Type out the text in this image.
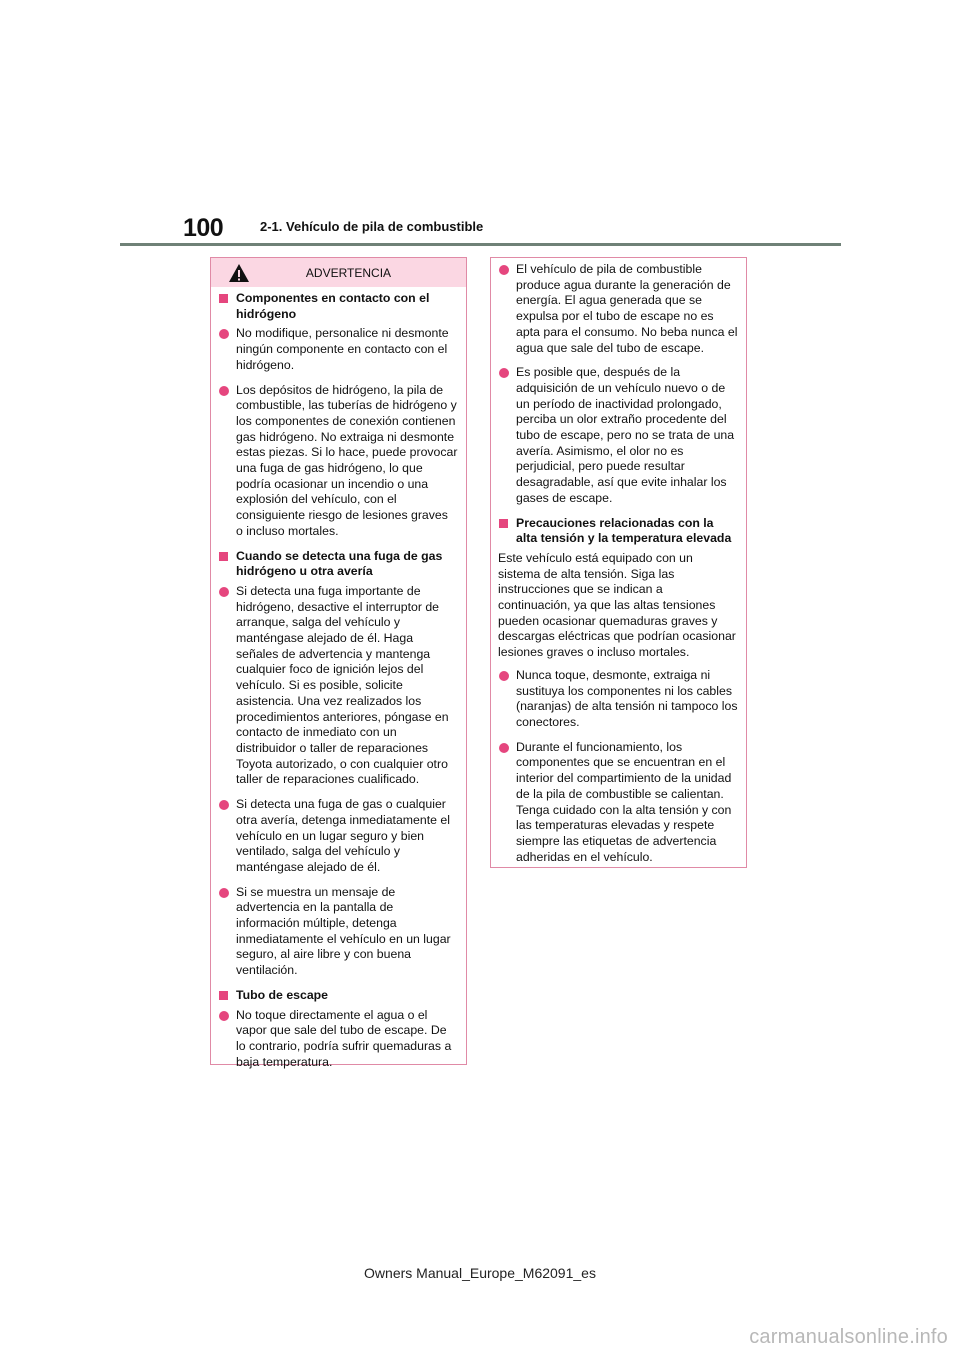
100	2-1. Vehículo de pila de combustible
ADVERTENCIA
Componentes en contacto con el hidrógeno
No modifique, personalice ni desmonte ningún componente en contacto con el hidrógeno.
Los depósitos de hidrógeno, la pila de combustible, las tuberías de hidrógeno y los componentes de conexión contienen gas hidrógeno. No extraiga ni desmonte estas piezas. Si lo hace, puede provocar una fuga de gas hidrógeno, lo que podría ocasionar un incendio o una explosión del vehículo, con el consiguiente riesgo de lesiones graves o incluso mortales.
Cuando se detecta una fuga de gas hidrógeno u otra avería
Si detecta una fuga importante de hidrógeno, desactive el interruptor de arranque, salga del vehículo y manténgase alejado de él. Haga señales de advertencia y mantenga cualquier foco de ignición lejos del vehículo. Si es posible, solicite asistencia. Una vez realizados los procedimientos anteriores, póngase en contacto de inmediato con un distribuidor o taller de reparaciones Toyota autorizado, o con cualquier otro taller de reparaciones cualificado.
Si detecta una fuga de gas o cualquier otra avería, detenga inmediatamente el vehículo en un lugar seguro y bien ventilado, salga del vehículo y manténgase alejado de él.
Si se muestra un mensaje de advertencia en la pantalla de información múltiple, detenga inmediatamente el vehículo en un lugar seguro, al aire libre y con buena ventilación.
Tubo de escape
No toque directamente el agua o el vapor que sale del tubo de escape. De lo contrario, podría sufrir quemaduras a baja temperatura.
El vehículo de pila de combustible produce agua durante la generación de energía. El agua generada que se expulsa por el tubo de escape no es apta para el consumo. No beba nunca el agua que sale del tubo de escape.
Es posible que, después de la adquisición de un vehículo nuevo o de un período de inactividad prolongado, perciba un olor extraño procedente del tubo de escape, pero no se trata de una avería. Asimismo, el olor no es perjudicial, pero puede resultar desagradable, así que evite inhalar los gases de escape.
Precauciones relacionadas con la alta tensión y la temperatura elevada
Este vehículo está equipado con un sistema de alta tensión. Siga las instrucciones que se indican a continuación, ya que las altas tensiones pueden ocasionar quemaduras graves y descargas eléctricas que podrían ocasionar lesiones graves o incluso mortales.
Nunca toque, desmonte, extraiga ni sustituya los componentes ni los cables (naranjas) de alta tensión ni tampoco los conectores.
Durante el funcionamiento, los componentes que se encuentran en el interior del compartimiento de la unidad de la pila de combustible se calientan. Tenga cuidado con la alta tensión y con las temperaturas elevadas y respete siempre las etiquetas de advertencia adheridas en el vehículo.
Owners Manual_Europe_M62091_es
carmanualsonline.info
